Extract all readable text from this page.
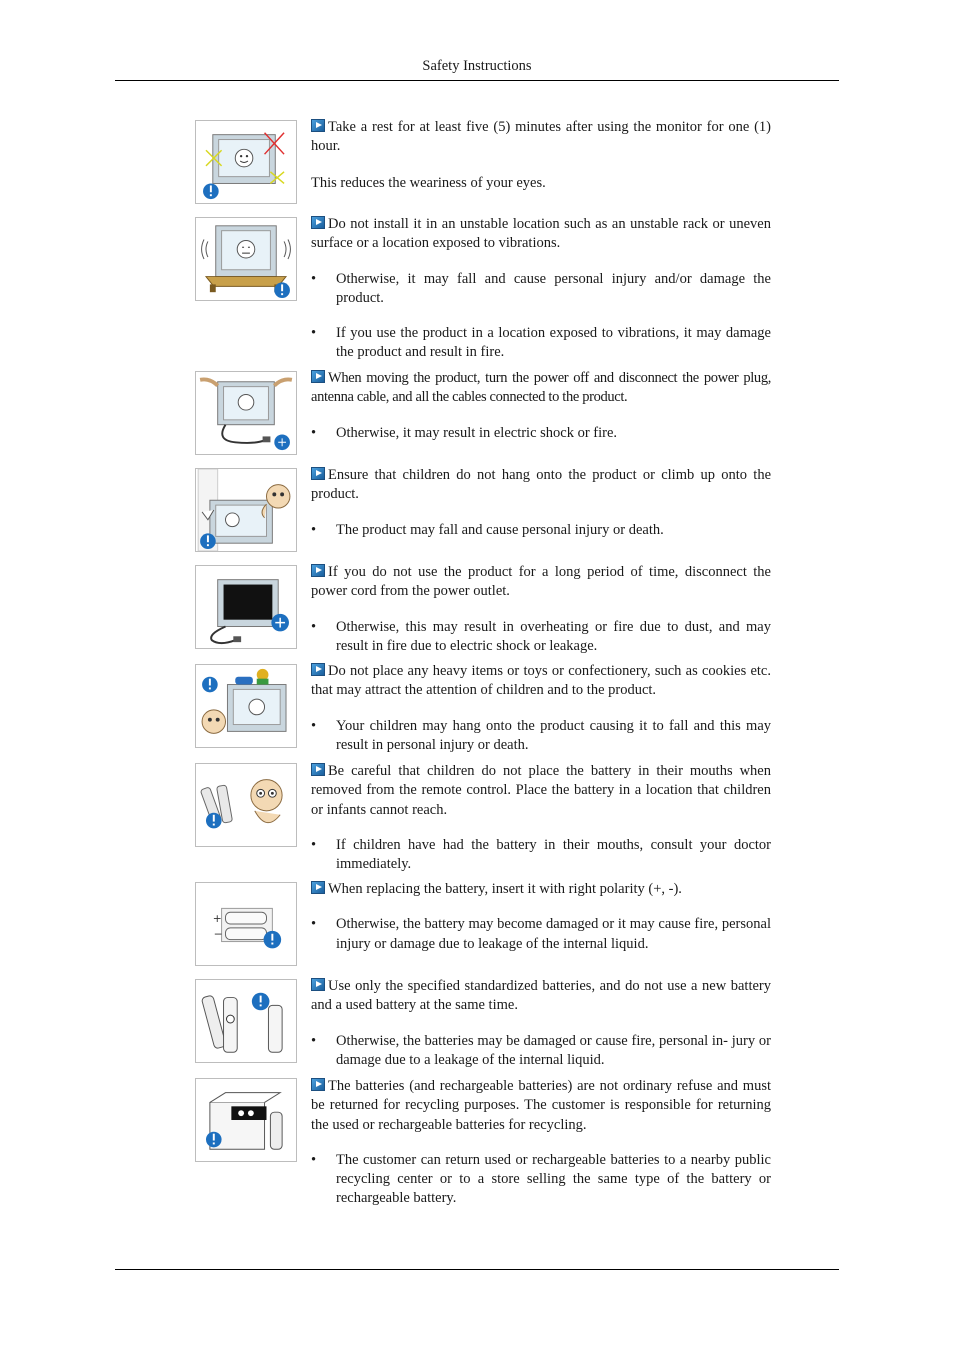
Safety Instructions

Take a rest for at least five (5) minutes after using the monitor for one (1) hour.

This reduces the weariness of your eyes.

Do not install it in an unstable location such as an unstable rack or uneven surface or a location exposed to vibrations.

• Otherwise, it may fall and cause personal injury and/or damage the product.
• If you use the product in a location exposed to vibrations, it may damage the product and result in fire.

When moving the product, turn the power off and disconnect the power plug, antenna cable, and all the cables connected to the product.

• Otherwise, it may result in electric shock or fire.

Ensure that children do not hang onto the product or climb up onto the product.

• The product may fall and cause personal injury or death.

If you do not use the product for a long period of time, disconnect the power cord from the power outlet.

• Otherwise, this may result in overheating or fire due to dust, and may result in fire due to electric shock or leakage.

Do not place any heavy items or toys or confectionery, such as cookies etc. that may attract the attention of children and to the product.

• Your children may hang onto the product causing it to fall and this may result in personal injury or death.

Be careful that children do not place the battery in their mouths when removed from the remote control. Place the battery in a location that children or infants cannot reach.

• If children have had the battery in their mouths, consult your doctor immediately.
+
−

When replacing the battery, insert it with right polarity (+, -).

• Otherwise, the battery may become damaged or it may cause fire, personal injury or damage due to leakage of the internal liquid.

Use only the specified standardized batteries, and do not use a new battery and a used battery at the same time.

• Otherwise, the batteries may be damaged or cause fire, personal in- jury or damage due to a leakage of the internal liquid.

The batteries (and rechargeable batteries) are not ordinary refuse and must be returned for recycling purposes. The customer is responsible for returning the used or rechargeable batteries for recycling.

• The customer can return used or rechargeable batteries to a nearby public recycling center or to a store selling the same type of the battery or rechargeable battery.
